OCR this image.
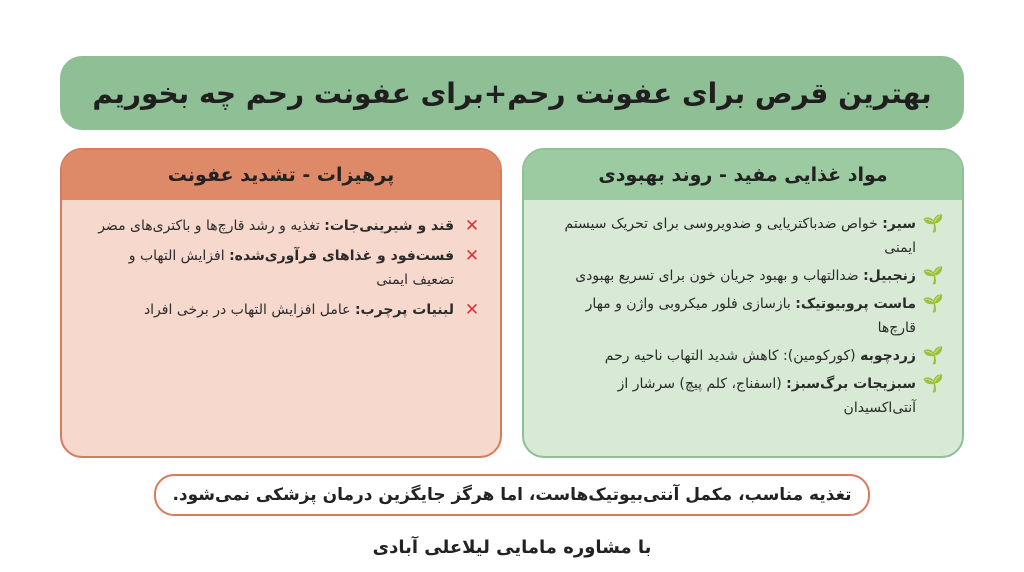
بهترین قرص برای عفونت رحم+برای عفونت رحم چه بخوریم
مواد غذایی مفید - روند بهبودی
🌱
سیر: خواص ضدباکتریایی و ضدویروسی برای تحریک سیستم ایمنی
🌱
زنجبیل: ضدالتهاب و بهبود جریان خون برای تسریع بهبودی
🌱
ماست پروبیوتیک: بازسازی فلور میکروبی واژن و مهار قارچ‌ها
🌱
زردچوبه (کورکومین): کاهش شدید التهاب ناحیه رحم
🌱
سبزیجات برگ‌سبز: (اسفناج، کلم پیچ) سرشار از آنتی‌اکسیدان
پرهیزات - تشدید عفونت
✕
قند و شیرینی‌جات: تغذیه و رشد قارچ‌ها و باکتری‌های مضر
✕
فست‌فود و غذاهای فرآوری‌شده: افزایش التهاب و تضعیف ایمنی
✕
لبنیات پرچرب: عامل افزایش التهاب در برخی افراد
تغذیه مناسب، مکمل آنتی‌بیوتیک‌هاست، اما هرگز جایگزین درمان پزشکی نمی‌شود.
با مشاوره مامایی لیلاعلی آبادی
